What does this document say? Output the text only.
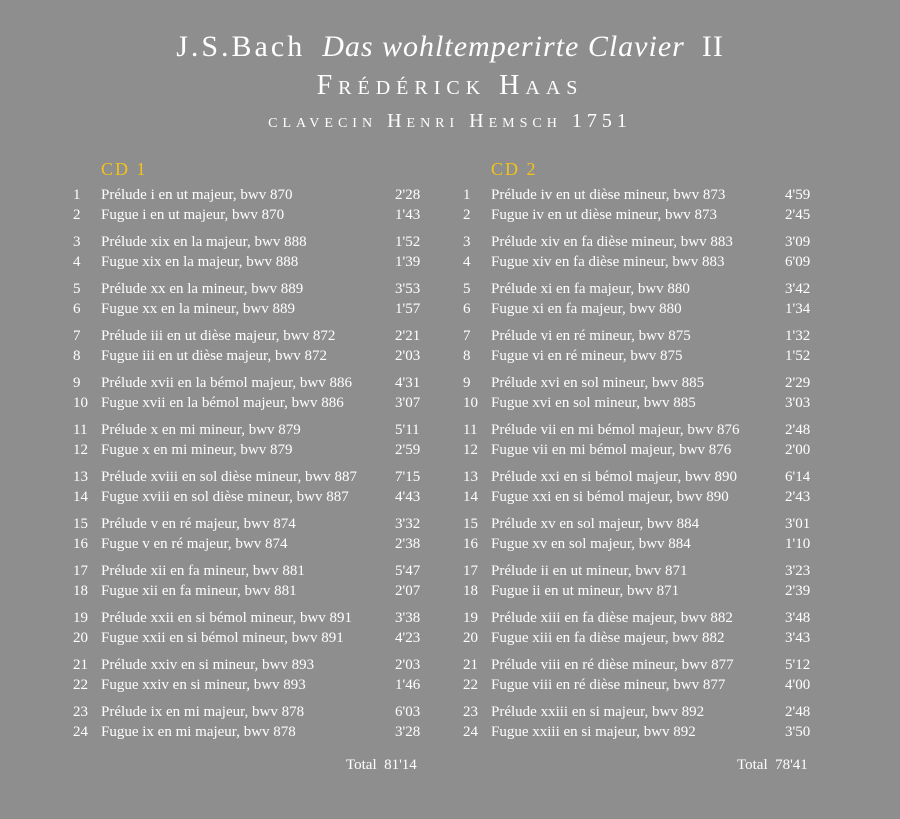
J.S.Bach Das wohltemperirte Clavier II
Frédérick Haas
clavecin Henri Hemsch 1751
CD 1
1	Prélude i en ut majeur, bwv 870	2'28
2	Fugue i en ut majeur, bwv 870	1'43
3	Prélude xix en la majeur, bwv 888	1'52
4	Fugue xix en la majeur, bwv 888	1'39
5	Prélude xx en la mineur, bwv 889	3'53
6	Fugue xx en la mineur, bwv 889	1'57
7	Prélude iii en ut dièse majeur, bwv 872	2'21
8	Fugue iii en ut dièse majeur, bwv 872	2'03
9	Prélude xvii en la bémol majeur, bwv 886	4'31
10 Fugue xvii en la bémol majeur, bwv 886	3'07
11 Prélude x en mi mineur, bwv 879	5'11
12 Fugue x en mi mineur, bwv 879	2'59
13 Prélude xviii en sol dièse mineur, bwv 887	7'15
14 Fugue xviii en sol dièse mineur, bwv 887	4'43
15 Prélude v en ré majeur, bwv 874	3'32
16 Fugue v en ré majeur, bwv 874	2'38
17 Prélude xii en fa mineur, bwv 881	5'47
18 Fugue xii en fa mineur, bwv 881	2'07
19 Prélude xxii en si bémol mineur, bwv 891	3'38
20 Fugue xxii en si bémol mineur, bwv 891	4'23
21 Prélude xxiv en si mineur, bwv 893	2'03
22 Fugue xxiv en si mineur, bwv 893	1'46
23 Prélude ix en mi majeur, bwv 878	6'03
24 Fugue ix en mi majeur, bwv 878	3'28
CD 2
1	Prélude iv en ut dièse mineur, bwv 873	4'59
2	Fugue iv en ut dièse mineur, bwv 873	2'45
3	Prélude xiv en fa dièse mineur, bwv 883	3'09
4	Fugue xiv en fa dièse mineur, bwv 883	6'09
5	Prélude xi en fa majeur, bwv 880	3'42
6	Fugue xi en fa majeur, bwv 880	1'34
7	Prélude vi en ré mineur, bwv 875	1'32
8	Fugue vi en ré mineur, bwv 875	1'52
9	Prélude xvi en sol mineur, bwv 885	2'29
10 Fugue xvi en sol mineur, bwv 885	3'03
11 Prélude vii en mi bémol majeur, bwv 876	2'48
12 Fugue vii en mi bémol majeur, bwv 876	2'00
13 Prélude xxi en si bémol majeur, bwv 890	6'14
14 Fugue xxi en si bémol majeur, bwv 890	2'43
15 Prélude xv en sol majeur, bwv 884	3'01
16 Fugue xv en sol majeur, bwv 884	1'10
17 Prélude ii en ut mineur, bwv 871	3'23
18 Fugue ii en ut mineur, bwv 871	2'39
19 Prélude xiii en fa dièse majeur, bwv 882	3'48
20 Fugue xiii en fa dièse majeur, bwv 882	3'43
21 Prélude viii en ré dièse mineur, bwv 877	5'12
22 Fugue viii en ré dièse mineur, bwv 877	4'00
23 Prélude xxiii en si majeur, bwv 892	2'48
24 Fugue xxiii en si majeur, bwv 892	3'50
Total 81'14	Total 78'41
